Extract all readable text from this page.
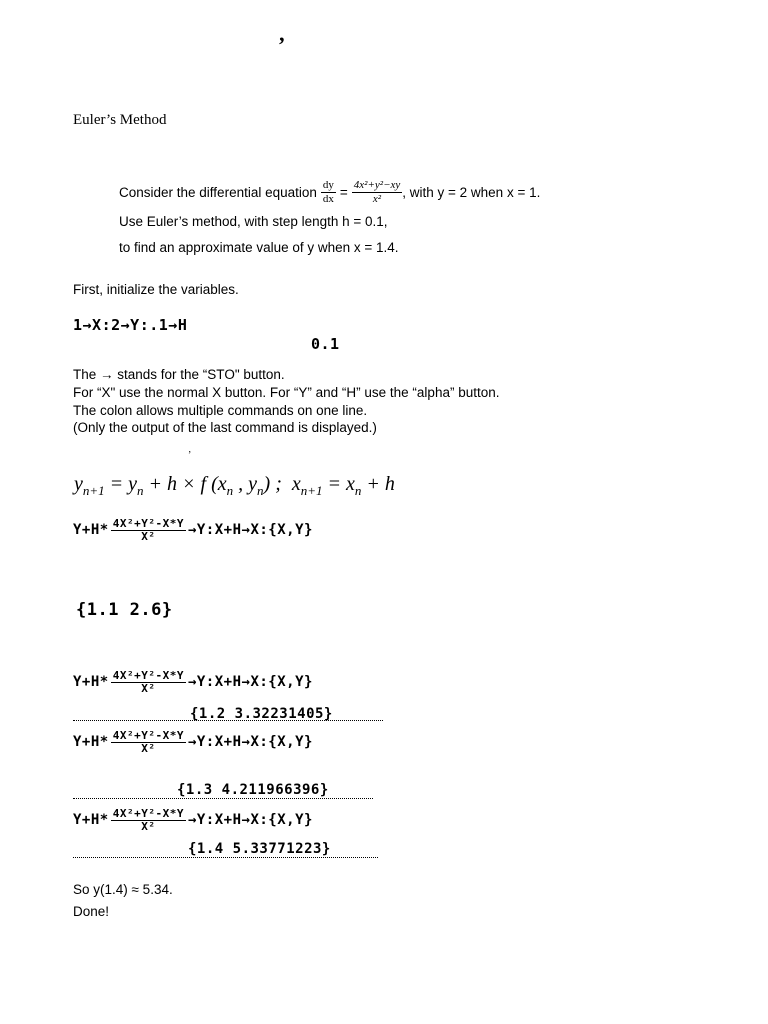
’
Euler’s Method
Consider the differential equation $\frac{dy}{dx} = \frac{\text{4x²+y²−xy}}{\text{x²}}$ , with y = 2 when x = 1.
Use Euler’s method, with step length h = 0.1,
to find an approximate value of y when x = 1.4.
First, initialize the variables.
1→X:2→Y:.1→H
0.1
The → stands for the “STO" button.
For “X" use the normal X button. For “Y” and “H” use the “alpha” button.
The colon allows multiple commands on one line.
(Only the output of the last command is displayed.)
’
$y_{n+1} = y_n + h \times f$ ($x_n$ , $y_n$) ;  $x_{n+1} = x_n + h$
$Y+H* \frac{\text{4X²+Y²-X*Y}}{\text{X²}}$ →Y:X+H→X:{X,Y}
{1.1 2.6}
$Y+H* \frac{\text{4X²+Y²-X*Y}}{\text{X²}}$ →Y:X+H→X:{X,Y}
{1.2 3.32231405}
$Y+H* \frac{\text{4X²+Y²-X*Y}}{\text{X²}}$ →Y:X+H→X:{X,Y}
{1.3 4.211966396}
$Y+H* \frac{\text{4X²+Y²-X*Y}}{\text{X²}}$ →Y:X+H→X:{X,Y}
{1.4 5.33771223}
So y(1.4) ≈ 5.34.
Done!
